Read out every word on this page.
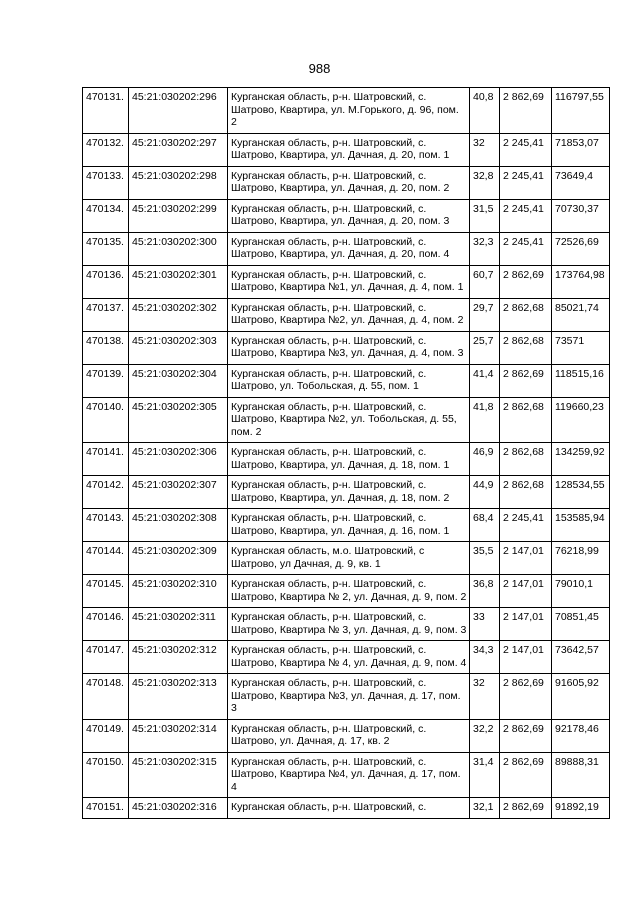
988
470131.	45:21:030202:296	Курганская область, р-н. Шатровский, с. Шатрово, Квартира, ул. М.Горького, д. 96, пом. 2	40,8	2 862,69	116797,55
470132.	45:21:030202:297	Курганская область, р-н. Шатровский, с. Шатрово, Квартира, ул. Дачная, д. 20, пом. 1	32	2 245,41	71853,07
470133.	45:21:030202:298	Курганская область, р-н. Шатровский, с. Шатрово, Квартира, ул. Дачная, д. 20, пом. 2	32,8	2 245,41	73649,4
470134.	45:21:030202:299	Курганская область, р-н. Шатровский, с. Шатрово, Квартира, ул. Дачная, д. 20, пом. 3	31,5	2 245,41	70730,37
470135.	45:21:030202:300	Курганская область, р-н. Шатровский, с. Шатрово, Квартира, ул. Дачная, д. 20, пом. 4	32,3	2 245,41	72526,69
470136.	45:21:030202:301	Курганская область, р-н. Шатровский, с. Шатрово, Квартира №1, ул. Дачная, д. 4, пом. 1	60,7	2 862,69	173764,98
470137.	45:21:030202:302	Курганская область, р-н. Шатровский, с. Шатрово, Квартира №2, ул. Дачная, д. 4, пом. 2	29,7	2 862,68	85021,74
470138.	45:21:030202:303	Курганская область, р-н. Шатровский, с. Шатрово, Квартира №3, ул. Дачная, д. 4, пом. 3	25,7	2 862,68	73571
470139.	45:21:030202:304	Курганская область, р-н. Шатровский, с. Шатрово, ул. Тобольская, д. 55, пом. 1	41,4	2 862,69	118515,16
470140.	45:21:030202:305	Курганская область, р-н. Шатровский, с. Шатрово, Квартира №2, ул. Тобольская, д. 55, пом. 2	41,8	2 862,68	119660,23
470141.	45:21:030202:306	Курганская область, р-н. Шатровский, с. Шатрово, Квартира, ул. Дачная, д. 18, пом. 1	46,9	2 862,68	134259,92
470142.	45:21:030202:307	Курганская область, р-н. Шатровский, с. Шатрово, Квартира, ул. Дачная, д. 18, пом. 2	44,9	2 862,68	128534,55
470143.	45:21:030202:308	Курганская область, р-н. Шатровский, с. Шатрово, Квартира, ул. Дачная, д. 16, пом. 1	68,4	2 245,41	153585,94
470144.	45:21:030202:309	Курганская область, м.о. Шатровский, с Шатрово, ул Дачная, д. 9, кв. 1	35,5	2 147,01	76218,99
470145.	45:21:030202:310	Курганская область, р-н. Шатровский, с. Шатрово, Квартира № 2, ул. Дачная, д. 9, пом. 2	36,8	2 147,01	79010,1
470146.	45:21:030202:311	Курганская область, р-н. Шатровский, с. Шатрово, Квартира № 3, ул. Дачная, д. 9, пом. 3	33	2 147,01	70851,45
470147.	45:21:030202:312	Курганская область, р-н. Шатровский, с. Шатрово, Квартира № 4, ул. Дачная, д. 9, пом. 4	34,3	2 147,01	73642,57
470148.	45:21:030202:313	Курганская область, р-н. Шатровский, с. Шатрово, Квартира №3, ул. Дачная, д. 17, пом. 3	32	2 862,69	91605,92
470149.	45:21:030202:314	Курганская область, р-н. Шатровский, с. Шатрово, ул. Дачная, д. 17, кв. 2	32,2	2 862,69	92178,46
470150.	45:21:030202:315	Курганская область, р-н. Шатровский, с. Шатрово, Квартира №4, ул. Дачная, д. 17, пом. 4	31,4	2 862,69	89888,31
470151.	45:21:030202:316	Курганская область, р-н. Шатровский, с.	32,1	2 862,69	91892,19
